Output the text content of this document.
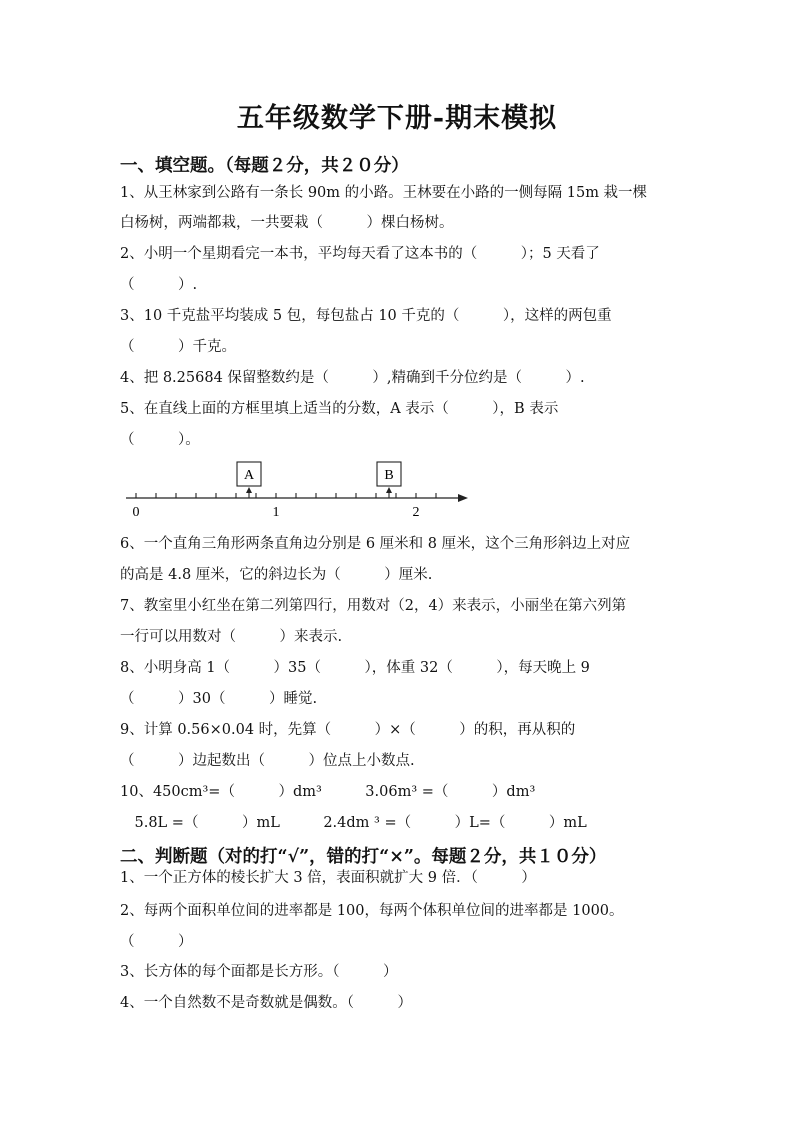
五年级数学下册-期末模拟
一、填空题。（每题２分，共２０分）
1、从王林家到公路有一条长 90m 的小路。王林要在小路的一侧每隔 15m 栽一棵
白杨树，两端都栽，一共要栽（　　　）棵白杨树。
2、小明一个星期看完一本书，平均每天看了这本书的（　　　）；5 天看了
（　　　）.
3、10 千克盐平均装成 5 包，每包盐占 10 千克的（　　　），这样的两包重
（　　　）千克。
4、把 8.25684 保留整数约是（　　　）,精确到千分位约是（　　　）.
5、在直线上面的方框里填上适当的分数，A 表示（　　　），B 表示
（　　　）。
A	B
0	1	2
6、一个直角三角形两条直角边分别是 6 厘米和 8 厘米，这个三角形斜边上对应
的高是 4.8 厘米，它的斜边长为（　　　）厘米.
7、教室里小红坐在第二列第四行，用数对（2，4）来表示，小丽坐在第六列第
一行可以用数对（　　　）来表示.
8、小明身高 1（　　　）35（　　　），体重 32（　　　），每天晚上 9
（　　　）30（　　　）睡觉.
9、计算 0.56×0.04 时，先算（　　　）×（　　　）的积，再从积的
（　　　）边起数出（　　　）位点上小数点.
10、450cm³=（　　　）dm³　　　3.06m³ =（　　　）dm³
　5.8L =（　　　）mL　　　2.4dm ³ =（　　　）L=（　　　）mL
二、判断题（对的打“√”，错的打“×”。每题２分，共１０分）
1、一个正方体的棱长扩大 3 倍，表面积就扩大 9 倍．（　　　）
2、每两个面积单位间的进率都是 100，每两个体积单位间的进率都是 1000。
（　　　）
3、长方体的每个面都是长方形。（　　　）
4、一个自然数不是奇数就是偶数。（　　　）
